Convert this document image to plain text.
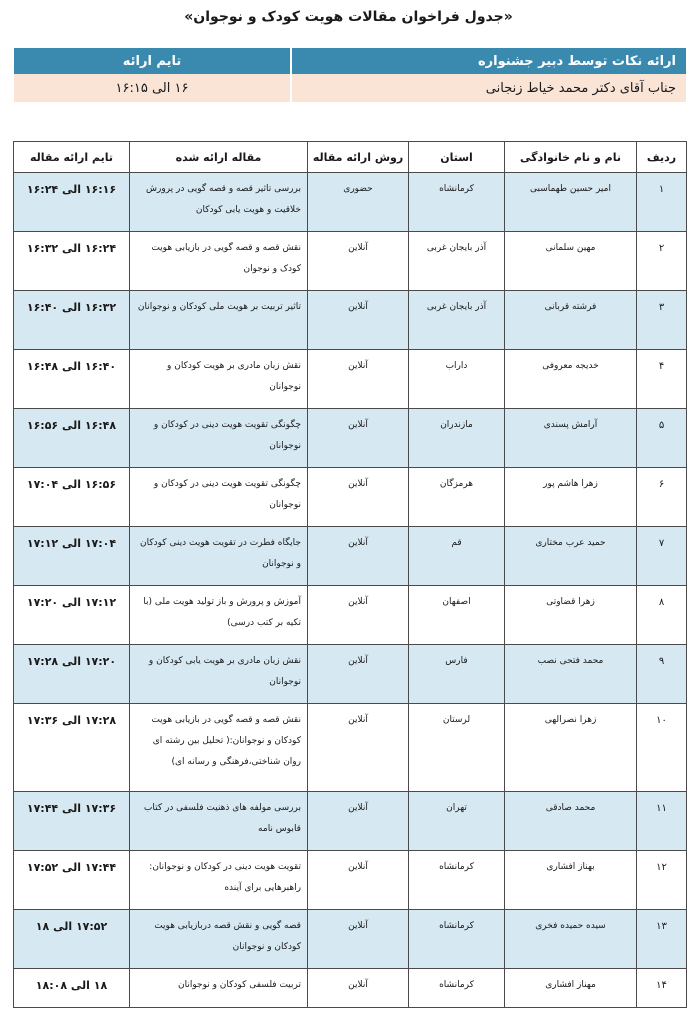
«جدول فراخوان مقالات هویت کودک و نوجوان»
ارائه نکات توسط دبیر جشنواره	تایم ارائه
جناب آقای دکتر محمد خیاط زنجانی	۱۶ الی ۱۶:۱۵
ردیف	نام و نام خانوادگی	استان	روش ارائه مقاله	مقاله ارائه شده	تایم ارائه مقاله
۱	امیر حسین طهماسبی	کرمانشاه	حضوری	بررسی تاثیر قصه و قصه گویی در پرورش خلاقیت و هویت یابی کودکان	۱۶:۱۶ الی ۱۶:۲۴
۲	مهین سلمانی	آذر بایجان غربی	آنلاین	نقش قصه و قصه گویی در بازیابی هویت کودک و نوجوان	۱۶:۲۴ الی ۱۶:۳۲
۳	فرشته قربانی	آذر بایجان غربی	آنلاین	تاثیر تربیت بر هویت ملی کودکان و نوجوانان	۱۶:۳۲ الی ۱۶:۴۰
۴	خدیجه معروفی	داراب	آنلاین	نقش زبان مادری بر هویت کودکان و نوجوانان	۱۶:۴۰ الی ۱۶:۴۸
۵	آرامش پسندی	مازندران	آنلاین	چگونگی تقویت هویت دینی در کودکان و نوجوانان	۱۶:۴۸ الی ۱۶:۵۶
۶	زهرا هاشم پور	هرمزگان	آنلاین	چگونگی تقویت هویت دینی در کودکان و نوجوانان	۱۶:۵۶ الی ۱۷:۰۴
۷	حمید عرب مختاری	قم	آنلاین	جایگاه فطرت در تقویت هویت دینی کودکان و نوجوانان	۱۷:۰۴ الی ۱۷:۱۲
۸	زهرا قضاوتی	اصفهان	آنلاین	آموزش و پرورش و باز تولید هویت ملی (با تکیه بر کتب درسی)	۱۷:۱۲ الی ۱۷:۲۰
۹	محمد فتحی نصب	فارس	آنلاین	نقش زبان مادری بر هویت یابی کودکان و نوجوانان	۱۷:۲۰ الی ۱۷:۲۸
۱۰	زهرا نصرالهی	لرستان	آنلاین	نقش قصه و قصه گویی در بازیابی هویت کودکان و نوجوانان:( تحلیل بین رشته ای روان شناختی،فرهنگی و رسانه ای)	۱۷:۲۸ الی ۱۷:۳۶
۱۱	محمد صادقی	تهران	آنلاین	بررسی مولفه های ذهنیت فلسفی در کتاب قابوس نامه	۱۷:۳۶ الی ۱۷:۴۴
۱۲	بهناز افشاری	کرمانشاه	آنلاین	تقویت هویت دینی در کودکان و نوجوانان: راهبرهایی برای آینده	۱۷:۴۴ الی ۱۷:۵۲
۱۳	سیده حمیده فخری	کرمانشاه	آنلاین	قصه گویی و نقش قصه دربازیابی هویت کودکان و نوجوانان	۱۷:۵۲ الی ۱۸
۱۴	مهناز افشاری	کرمانشاه	آنلاین	تربیت فلسفی کودکان و نوجوانان	۱۸ الی ۱۸:۰۸
